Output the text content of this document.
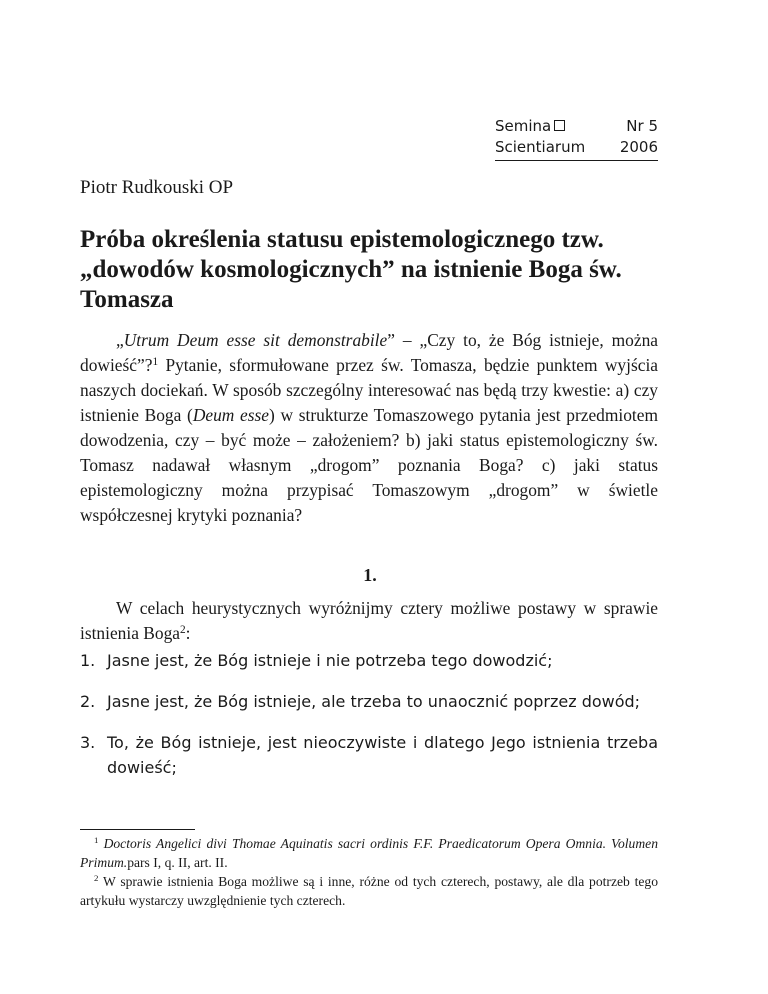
Semina	Nr 5
Scientiarum	2006
Piotr Rudkouski OP
Próba określenia statusu epistemologicznego tzw. „dowodów kosmologicznych” na istnienie Boga św. Tomasza

„Utrum Deum esse sit demonstrabile” – „Czy to, że Bóg istnieje, można dowieść”?$^1$ Pytanie, sformułowane przez św. Tomasza, będzie punktem wyjścia naszych dociekań. W sposób szczególny interesować nas będą trzy kwestie: a) czy istnienie Boga (Deum esse) w strukturze Tomaszowego pytania jest przedmiotem dowodzenia, czy – być może – założeniem? b) jaki status epistemologiczny św. Tomasz nadawał własnym „drogom” poznania Boga? c) jaki status epistemologiczny można przypisać Tomaszowym „drogom” w świetle współczesnej krytyki poznania?

1.

W celach heurystycznych wyróżnijmy cztery możliwe postawy w sprawie istnienia Boga$^2$:

1. Jasne jest, że Bóg istnieje i nie potrzeba tego dowodzić;
2. Jasne jest, że Bóg istnieje, ale trzeba to unaocznić poprzez dowód;
3. To, że Bóg istnieje, jest nieoczywiste i dlatego Jego istnienia trzeba dowieść;

$^1$ Doctoris Angelici divi Thomae Aquinatis sacri ordinis F.F. Praedicatorum Opera Omnia. Volumen Primum.pars I, q. II, art. II.

$^2$ W sprawie istnienia Boga możliwe są i inne, różne od tych czterech, postawy, ale dla potrzeb tego artykułu wystarczy uwzględnienie tych czterech.
